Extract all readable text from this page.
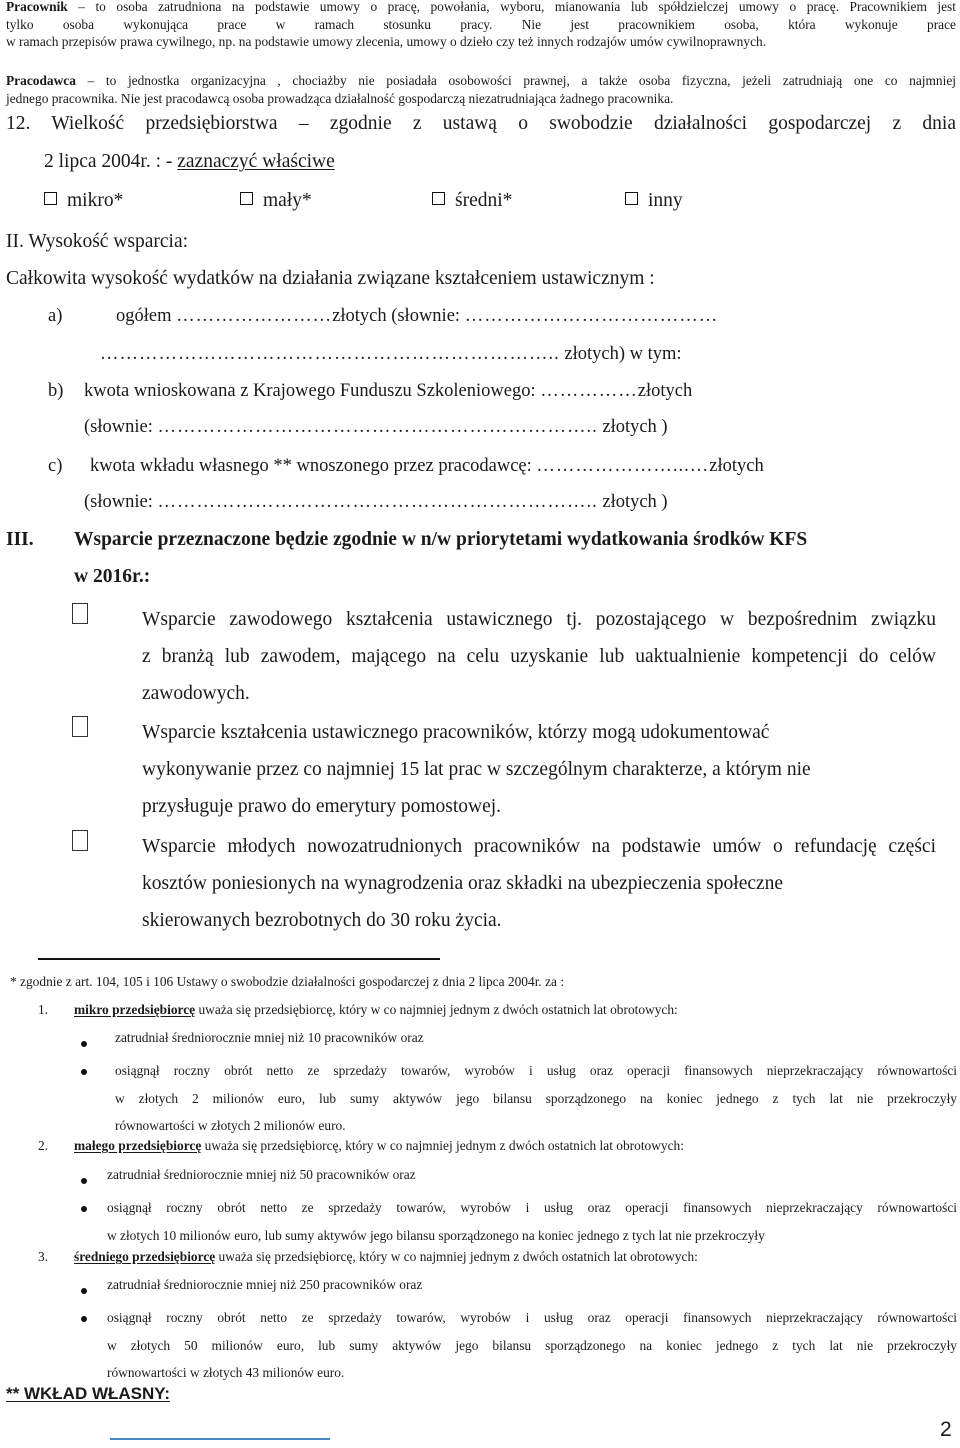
Pracownik – to osoba zatrudniona na podstawie umowy o pracę, powołania, wyboru, mianowania lub spółdzielczej umowy o pracę. Pracownikiem jest

tylko osoba wykonująca prace w ramach stosunku pracy. Nie jest pracownikiem osoba, która wykonuje prace

w ramach przepisów prawa cywilnego, np. na podstawie umowy zlecenia, umowy o dzieło czy też innych rodzajów umów cywilnoprawnych.

Pracodawca – to jednostka organizacyjna , chociażby nie posiadała osobowości prawnej, a także osoba fizyczna, jeżeli zatrudniają one co najmniej

jednego pracownika. Nie jest pracodawcą osoba prowadząca działalność gospodarczą niezatrudniająca żadnego pracownika.

12. Wielkość przedsiębiorstwa – zgodnie z ustawą o swobodzie działalności gospodarczej z dnia
2 lipca 2004r. : - zaznaczyć właściwe
mikro*	mały*	średni*	inny
II. Wysokość wsparcia:
Całkowita wysokość wydatków na działania związane kształceniem ustawicznym :
a)	ogółem ……………………złotych (słownie: …………………………………
…………………………………………………………….. złotych) w tym:
b) kwota wnioskowana z Krajowego Funduszu Szkoleniowego: ……………złotych
(słownie: ………………………………………………………….. złotych )
c) kwota wkładu własnego ** wnoszonego przez pracodawcę: …………………...…złotych
(słownie: ………………………………………………………….. złotych )
III. Wsparcie przeznaczone będzie zgodnie w n/w priorytetami wydatkowania środków KFS
w 2016r.:

Wsparcie zawodowego kształcenia ustawicznego tj. pozostającego w bezpośrednim związku

z branżą lub zawodem, mającego na celu uzyskanie lub uaktualnienie kompetencji do celów

zawodowych.

Wsparcie kształcenia ustawicznego pracowników, którzy mogą udokumentować

wykonywanie przez co najmniej 15 lat prac w szczególnym charakterze, a którym nie

przysługuje prawo do emerytury pomostowej.

Wsparcie młodych nowozatrudnionych pracowników na podstawie umów o refundację części

kosztów poniesionych na wynagrodzenia oraz składki na ubezpieczenia społeczne

skierowanych bezrobotnych do 30 roku życia.

* zgodnie z art. 104, 105 i 106 Ustawy o swobodzie działalności gospodarczej z dnia 2 lipca 2004r. za :
1. mikro przedsiębiorcę uważa się przedsiębiorcę, który w co najmniej jednym z dwóch ostatnich lat obrotowych:
zatrudniał średniorocznie mniej niż 10 pracowników oraz

osiągnął roczny obrót netto ze sprzedaży towarów, wyrobów i usług oraz operacji finansowych nieprzekraczający równowartości

w złotych 2 milionów euro, lub sumy aktywów jego bilansu sporządzonego na koniec jednego z tych lat nie przekroczyły

równowartości w złotych 2 milionów euro.

2. małego przedsiębiorcę uważa się przedsiębiorcę, który w co najmniej jednym z dwóch ostatnich lat obrotowych:
zatrudniał średniorocznie mniej niż 50 pracowników oraz

osiągnął roczny obrót netto ze sprzedaży towarów, wyrobów i usług oraz operacji finansowych nieprzekraczający równowartości

w złotych 10 milionów euro, lub sumy aktywów jego bilansu sporządzonego na koniec jednego z tych lat nie przekroczyły

3. średniego przedsiębiorcę uważa się przedsiębiorcę, który w co najmniej jednym z dwóch ostatnich lat obrotowych:
zatrudniał średniorocznie mniej niż 250 pracowników oraz

osiągnął roczny obrót netto ze sprzedaży towarów, wyrobów i usług oraz operacji finansowych nieprzekraczający równowartości

w złotych 50 milionów euro, lub sumy aktywów jego bilansu sporządzonego na koniec jednego z tych lat nie przekroczyły

równowartości w złotych 43 milionów euro.

** WKŁAD WŁASNY:
2
